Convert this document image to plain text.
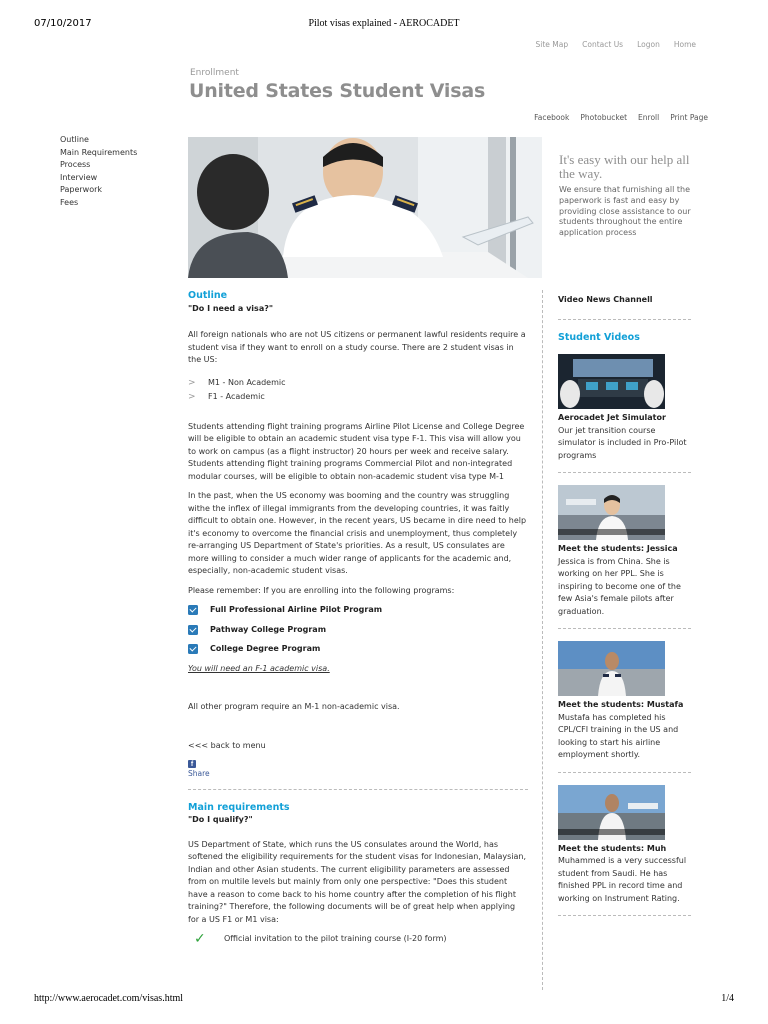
07/10/2017	Pilot visas explained - AEROCADET
Site Map Contact Us Logon Home
Enrollment
United States Student Visas
Facebook Photobucket Enroll Print Page
Outline
Main Requirements
Process
Interview
Paperwork
Fees
It's easy with our help all the way.
We ensure that furnishing all the paperwork is fast and easy by providing close assistance to our students throughout the entire application process
Outline
"Do I need a visa?"

All foreign nationals who are not US citizens or permanent lawful residents require a student visa if they want to enroll on a study course. There are 2 student visas in the US:

>	M1 - Non Academic
>	F1 - Academic

Students attending flight training programs Airline Pilot License and College Degree will be eligible to obtain an academic student visa type F-1. This visa will allow you to work on campus (as a flight instructor) 20 hours per week and receive salary. Students attending flight training programs Commercial Pilot and non-integrated modular courses, will be eligible to obtain non-academic student visa type M-1

In the past, when the US economy was booming and the country was struggling withe the inflex of illegal immigrants from the developing countries, it was faitly difficult to obtain one. However, in the recent years, US became in dire need to help it's economy to overcome the financial crisis and unemployment, thus completely re-arranging US Department of State's priorities. As a result, US consulates are more willing to consider a much wider range of applicants for the academic and, especially, non-academic student visas.

Please remember: If you are enrolling into the following programs:

Full Professional Airline Pilot Program
Pathway College Program
College Degree Program
You will need an F-1 academic visa.

All other program require an M-1 non-academic visa.

<<< back to menu

f
Share
Main requirements
"Do I qualify?"

US Department of State, which runs the US consulates around the World, has softened the eligibility requirements for the student visas for Indonesian, Malaysian, Indian and other Asian students. The current eligibility parameters are assessed from on multile levels but mainly from only one perspective: "Does this student have a reason to come back to his home country after the completion of his flight training?" Therefore, the following documents will be of great help when applying for a US F1 or M1 visa:

✓	Official invitation to the pilot training course (I-20 form)
Video News Channell
Student Videos
Aerocadet Jet Simulator
Our jet transition course simulator is included in Pro-Pilot programs
Meet the students: Jessica
Jessica is from China. She is working on her PPL. She is inspiring to become one of the few Asia's female pilots after graduation.
Meet the students: Mustafa
Mustafa has completed his CPL/CFI training in the US and looking to start his airline employment shortly.
Meet the students: Muh
Muhammed is a very successful student from Saudi. He has finished PPL in record time and working on Instrument Rating.
http://www.aerocadet.com/visas.html	1/4
